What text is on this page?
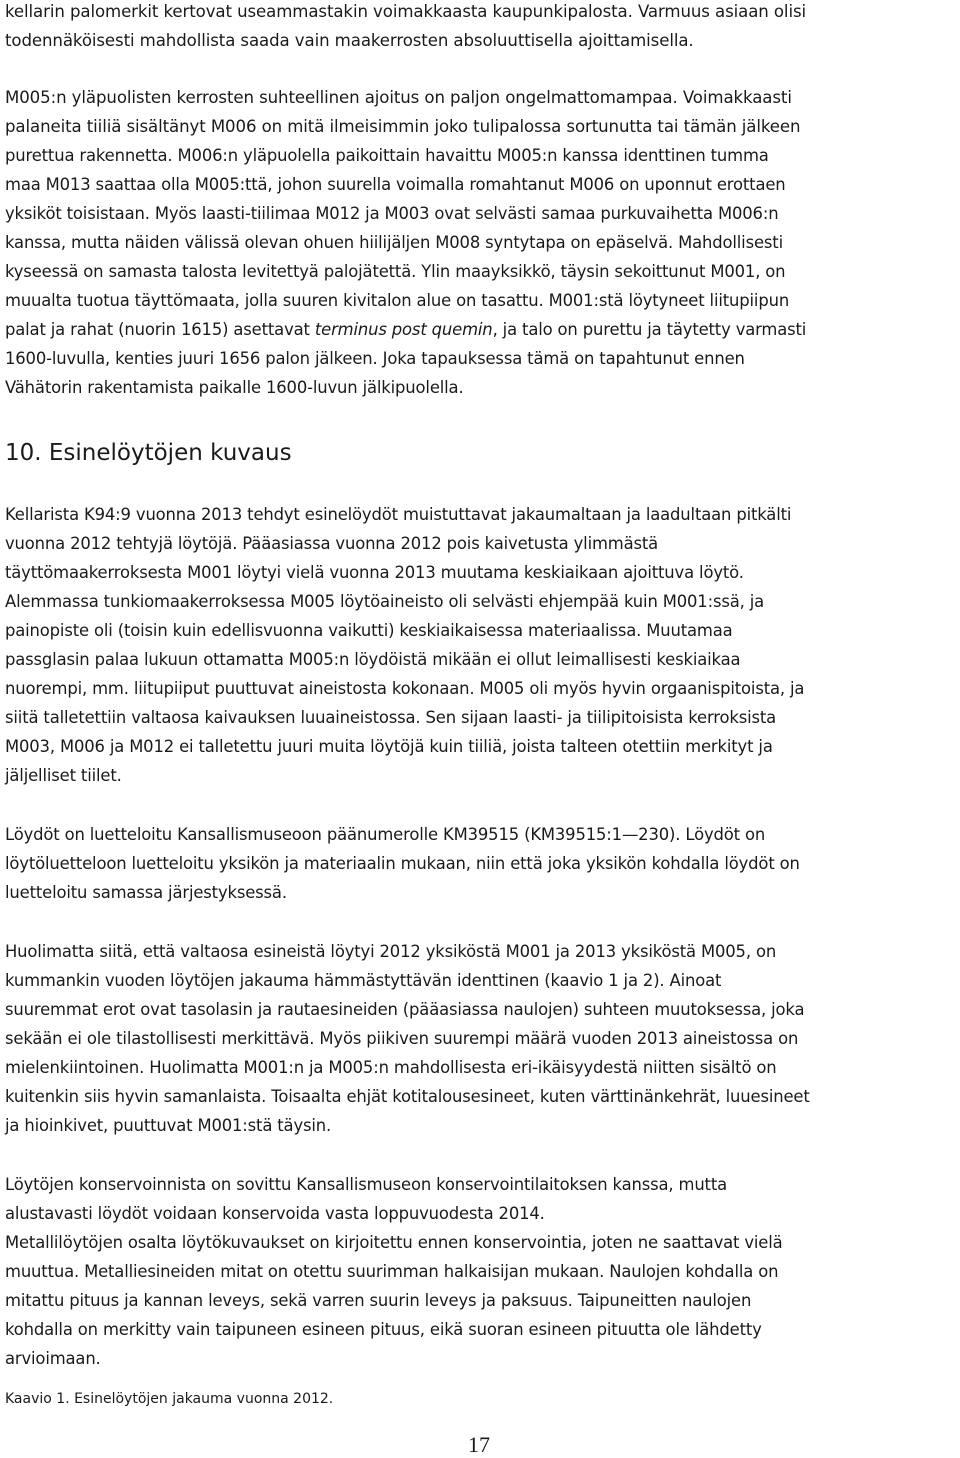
kellarin palomerkit kertovat useammastakin voimakkaasta kaupunkipalosta. Varmuus asiaan olisi
todennäköisesti mahdollista saada vain maakerrosten absoluuttisella ajoittamisella.
M005:n yläpuolisten kerrosten suhteellinen ajoitus on paljon ongelmattomampaa. Voimakkaasti
palaneita tiiliä sisältänyt M006 on mitä ilmeisimmin joko tulipalossa sortunutta tai tämän jälkeen
purettua rakennetta. M006:n yläpuolella paikoittain havaittu M005:n kanssa identtinen tumma
maa M013 saattaa olla M005:ttä, johon suurella voimalla romahtanut M006 on uponnut erottaen
yksiköt toisistaan. Myös laasti-tiilimaa M012 ja M003 ovat selvästi samaa purkuvaihetta M006:n
kanssa, mutta näiden välissä olevan ohuen hiilijäljen M008 syntytapa on epäselvä. Mahdollisesti
kyseessä on samasta talosta levitettyä palojätettä. Ylin maayksikkö, täysin sekoittunut M001, on
muualta tuotua täyttömaata, jolla suuren kivitalon alue on tasattu. M001:stä löytyneet liitupiipun
palat ja rahat (nuorin 1615) asettavat terminus post quemin, ja talo on purettu ja täytetty varmasti
1600-luvulla, kenties juuri 1656 palon jälkeen. Joka tapauksessa tämä on tapahtunut ennen
Vähätorin rakentamista paikalle 1600-luvun jälkipuolella.
10. Esinelöytöjen kuvaus
Kellarista K94:9 vuonna 2013 tehdyt esinelöydöt muistuttavat jakaumaltaan ja laadultaan pitkälti
vuonna 2012 tehtyjä löytöjä. Pääasiassa vuonna 2012 pois kaivetusta ylimmästä
täyttömaakerroksesta M001 löytyi vielä vuonna 2013 muutama keskiaikaan ajoittuva löytö.
Alemmassa tunkiomaakerroksessa M005 löytöaineisto oli selvästi ehjempää kuin M001:ssä, ja
painopiste oli (toisin kuin edellisvuonna vaikutti) keskiaikaisessa materiaalissa. Muutamaa
passglasin palaa lukuun ottamatta M005:n löydöistä mikään ei ollut leimallisesti keskiaikaa
nuorempi, mm. liitupiiput puuttuvat aineistosta kokonaan. M005 oli myös hyvin orgaanispitoista, ja
siitä talletettiin valtaosa kaivauksen luuaineistossa. Sen sijaan laasti- ja tiilipitoisista kerroksista
M003, M006 ja M012 ei talletettu juuri muita löytöjä kuin tiiliä, joista talteen otettiin merkityt ja
jäljelliset tiilet.
Löydöt on luetteloitu Kansallismuseoon päänumerolle KM39515 (KM39515:1—230). Löydöt on
löytöluetteloon luetteloitu yksikön ja materiaalin mukaan, niin että joka yksikön kohdalla löydöt on
luetteloitu samassa järjestyksessä.
Huolimatta siitä, että valtaosa esineistä löytyi 2012 yksiköstä M001 ja 2013 yksiköstä M005, on
kummankin vuoden löytöjen jakauma hämmästyttävän identtinen (kaavio 1 ja 2). Ainoat
suuremmat erot ovat tasolasin ja rautaesineiden (pääasiassa naulojen) suhteen muutoksessa, joka
sekään ei ole tilastollisesti merkittävä. Myös piikiven suurempi määrä vuoden 2013 aineistossa on
mielenkiintoinen. Huolimatta M001:n ja M005:n mahdollisesta eri-ikäisyydestä niitten sisältö on
kuitenkin siis hyvin samanlaista. Toisaalta ehjät kotitalousesineet, kuten värttinänkehrät, luuesineet
ja hioinkivet, puuttuvat M001:stä täysin.
Löytöjen konservoinnista on sovittu Kansallismuseon konservointilaitoksen kanssa, mutta
alustavasti löydöt voidaan konservoida vasta loppuvuodesta 2014.
Metallilöytöjen osalta löytökuvaukset on kirjoitettu ennen konservointia, joten ne saattavat vielä
muuttua. Metalliesineiden mitat on otettu suurimman halkaisijan mukaan. Naulojen kohdalla on
mitattu pituus ja kannan leveys, sekä varren suurin leveys ja paksuus. Taipuneitten naulojen
kohdalla on merkitty vain taipuneen esineen pituus, eikä suoran esineen pituutta ole lähdetty
arvioimaan.
Kaavio 1. Esinelöytöjen jakauma vuonna 2012.
17
